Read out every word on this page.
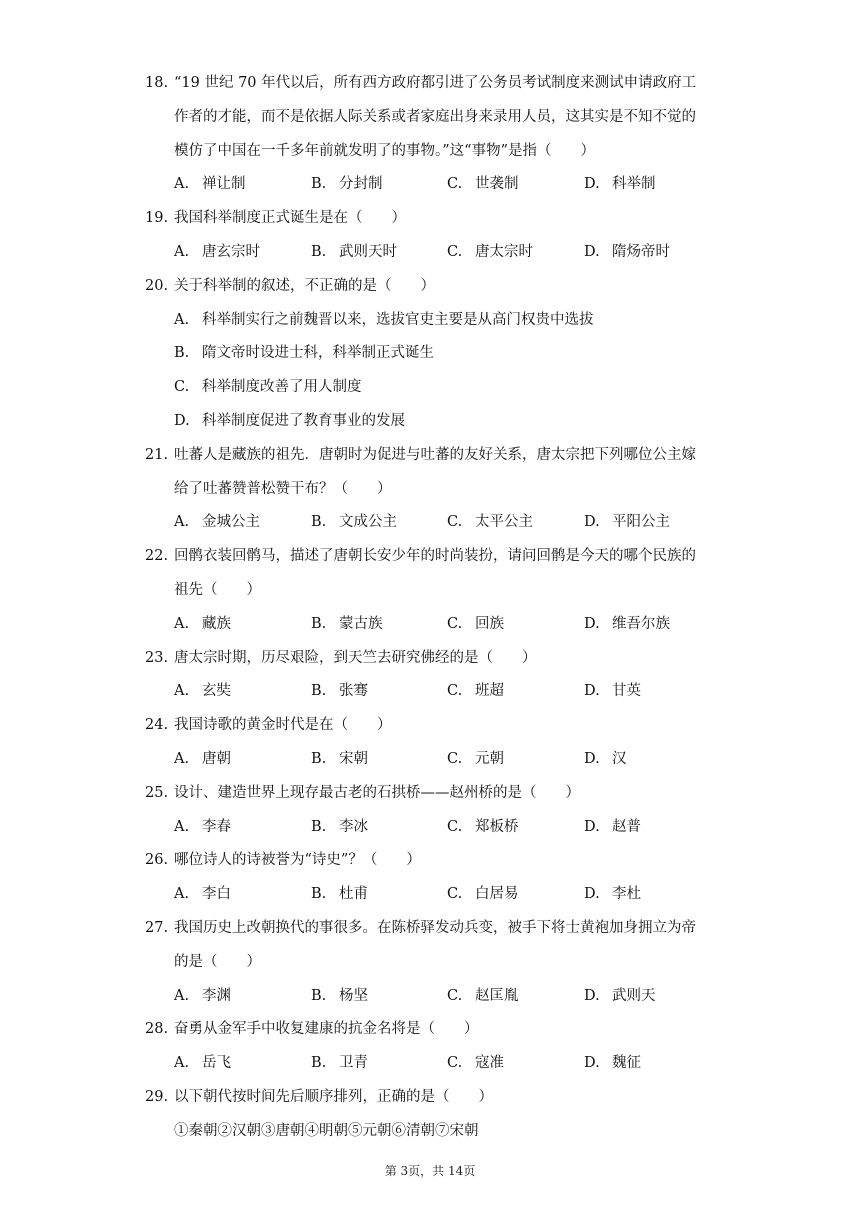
18. “19 世纪 70 年代以后，所有西方政府都引进了公务员考试制度来测试申请政府工
作者的才能，而不是依据人际关系或者家庭出身来录用人员，这其实是不知不觉的
模仿了中国在一千多年前就发明了的事物。”这“事物”是指（　　）
A. 禅让制	B. 分封制	C. 世袭制	D. 科举制
19. 我国科举制度正式诞生是在（　　）
A. 唐玄宗时	B. 武则天时	C. 唐太宗时	D. 隋炀帝时
20. 关于科举制的叙述，不正确的是（　　）
A. 科举制实行之前魏晋以来，选拔官吏主要是从高门权贵中选拔
B. 隋文帝时设进士科，科举制正式诞生
C. 科举制度改善了用人制度
D. 科举制度促进了教育事业的发展
21. 吐蕃人是藏族的祖先．唐朝时为促进与吐蕃的友好关系，唐太宗把下列哪位公主嫁
给了吐蕃赞普松赞干布？（　　）
A. 金城公主	B. 文成公主	C. 太平公主	D. 平阳公主
22. 回鹘衣装回鹘马，描述了唐朝长安少年的时尚装扮，请问回鹘是今天的哪个民族的
祖先（　　）
A. 藏族	B. 蒙古族	C. 回族	D. 维吾尔族
23. 唐太宗时期，历尽艰险，到天竺去研究佛经的是（　　）
A. 玄奘	B. 张骞	C. 班超	D. 甘英
24. 我国诗歌的黄金时代是在（　　）
A. 唐朝	B. 宋朝	C. 元朝	D. 汉
25. 设计、建造世界上现存最古老的石拱桥——赵州桥的是（　　）
A. 李春	B. 李冰	C. 郑板桥	D. 赵普
26. 哪位诗人的诗被誉为“诗史”？（　　）
A. 李白	B. 杜甫	C. 白居易	D. 李杜
27. 我国历史上改朝换代的事很多。在陈桥驿发动兵变，被手下将士黄袍加身拥立为帝
的是（　　）
A. 李渊	B. 杨坚	C. 赵匡胤	D. 武则天
28. 奋勇从金军手中收复建康的抗金名将是（　　）
A. 岳飞	B. 卫青	C. 寇准	D. 魏征
29. 以下朝代按时间先后顺序排列，正确的是（　　）
①秦朝②汉朝③唐朝④明朝⑤元朝⑥清朝⑦宋朝
第 3页，共 14页
